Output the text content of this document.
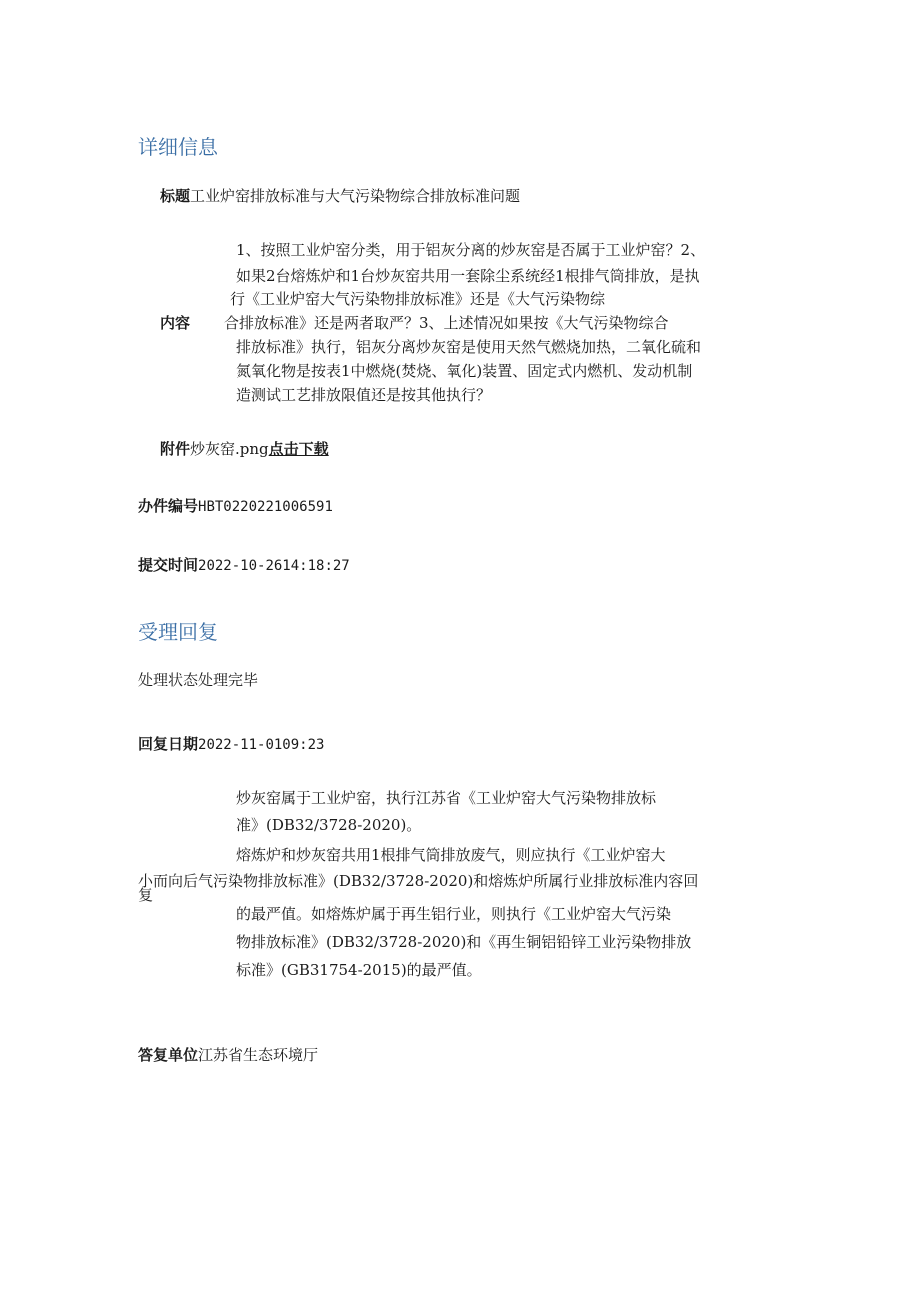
详细信息
标题工业炉窑排放标准与大气污染物综合排放标准问题
内容
1、按照工业炉窑分类，用于铝灰分离的炒灰窑是否属于工业炉窑？2、
如果2台熔炼炉和1台炒灰窑共用一套除尘系统经1根排气筒排放，是执
行《工业炉窑大气污染物排放标准》还是《大气污染物综
合排放标准》还是两者取严？3、上述情况如果按《大气污染物综合
排放标准》执行，铝灰分离炒灰窑是使用天然气燃烧加热，二氧化硫和
氮氧化物是按表1中燃烧(焚烧、氧化)装置、固定式内燃机、发动机制
造测试工艺排放限值还是按其他执行？
附件炒灰窑.png点击下载
办件编号HBT0220221006591
提交时间2022-10-2614:18:27
受理回复
处理状态处理完毕
回复日期2022-11-0109:23
炒灰窑属于工业炉窑，执行江苏省《工业炉窑大气污染物排放标
准》(DB32/3728-2020)。
熔炼炉和炒灰窑共用1根排气筒排放废气，则应执行《工业炉窑大
小而向后
复
气污染物排放标准》(DB32/3728-2020)和熔炼炉所属行业排放标准内容回
的最严值。如熔炼炉属于再生铝行业，则执行《工业炉窑大气污染
物排放标准》(DB32/3728-2020)和《再生铜铝铅锌工业污染物排放
标准》(GB31754-2015)的最严值。
答复单位江苏省生态环境厅
